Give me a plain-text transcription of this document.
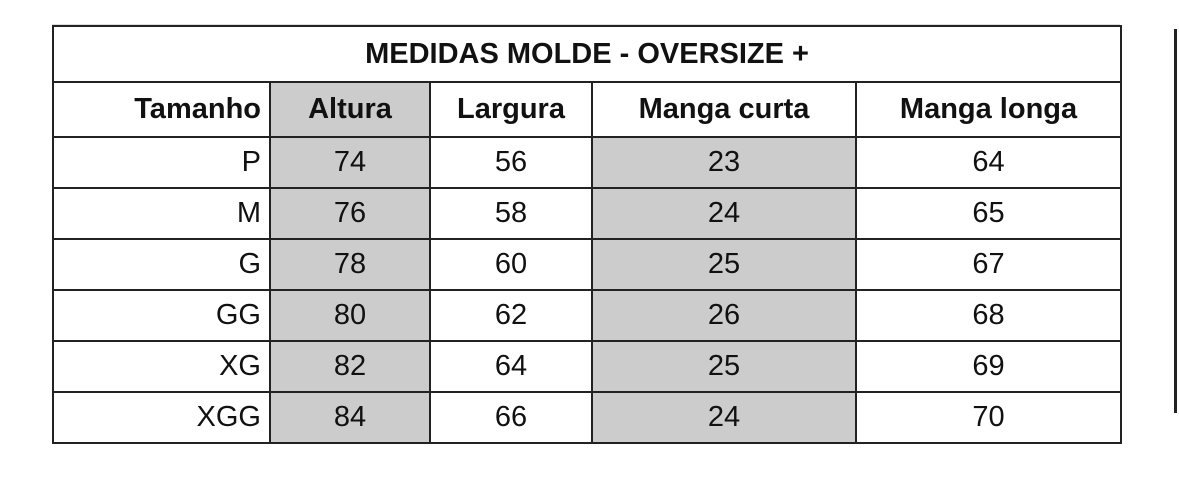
MEDIDAS MOLDE - OVERSIZE +				
Tamanho	Altura	Largura	Manga curta	Manga longa
P	74	56	23	64
M	76	58	24	65
G	78	60	25	67
GG	80	62	26	68
XG	82	64	25	69
XGG	84	66	24	70
